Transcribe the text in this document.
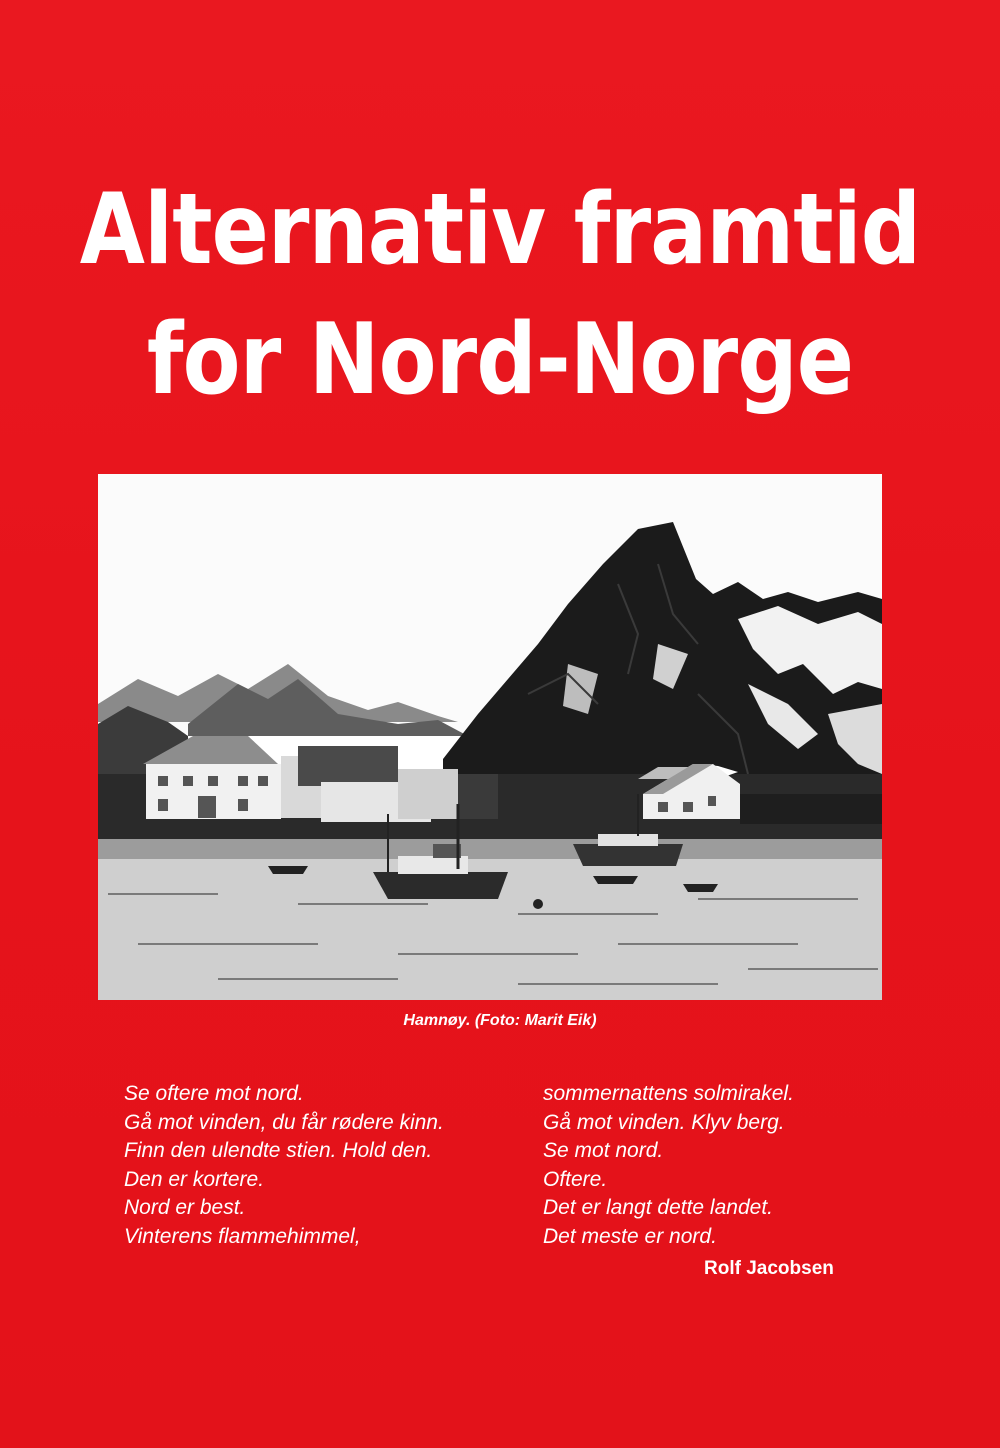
Alternativ framtid
for Nord-Norge
Hamnøy. (Foto: Marit Eik)
Se oftere mot nord.
Gå mot vinden, du får rødere kinn.
Finn den ulendte stien. Hold den.
Den er kortere.
Nord er best.
Vinterens flammehimmel,
sommernattens solmirakel.
Gå mot vinden. Klyv berg.
Se mot nord.
Oftere.
Det er langt dette landet.
Det meste er nord.
Rolf Jacobsen
